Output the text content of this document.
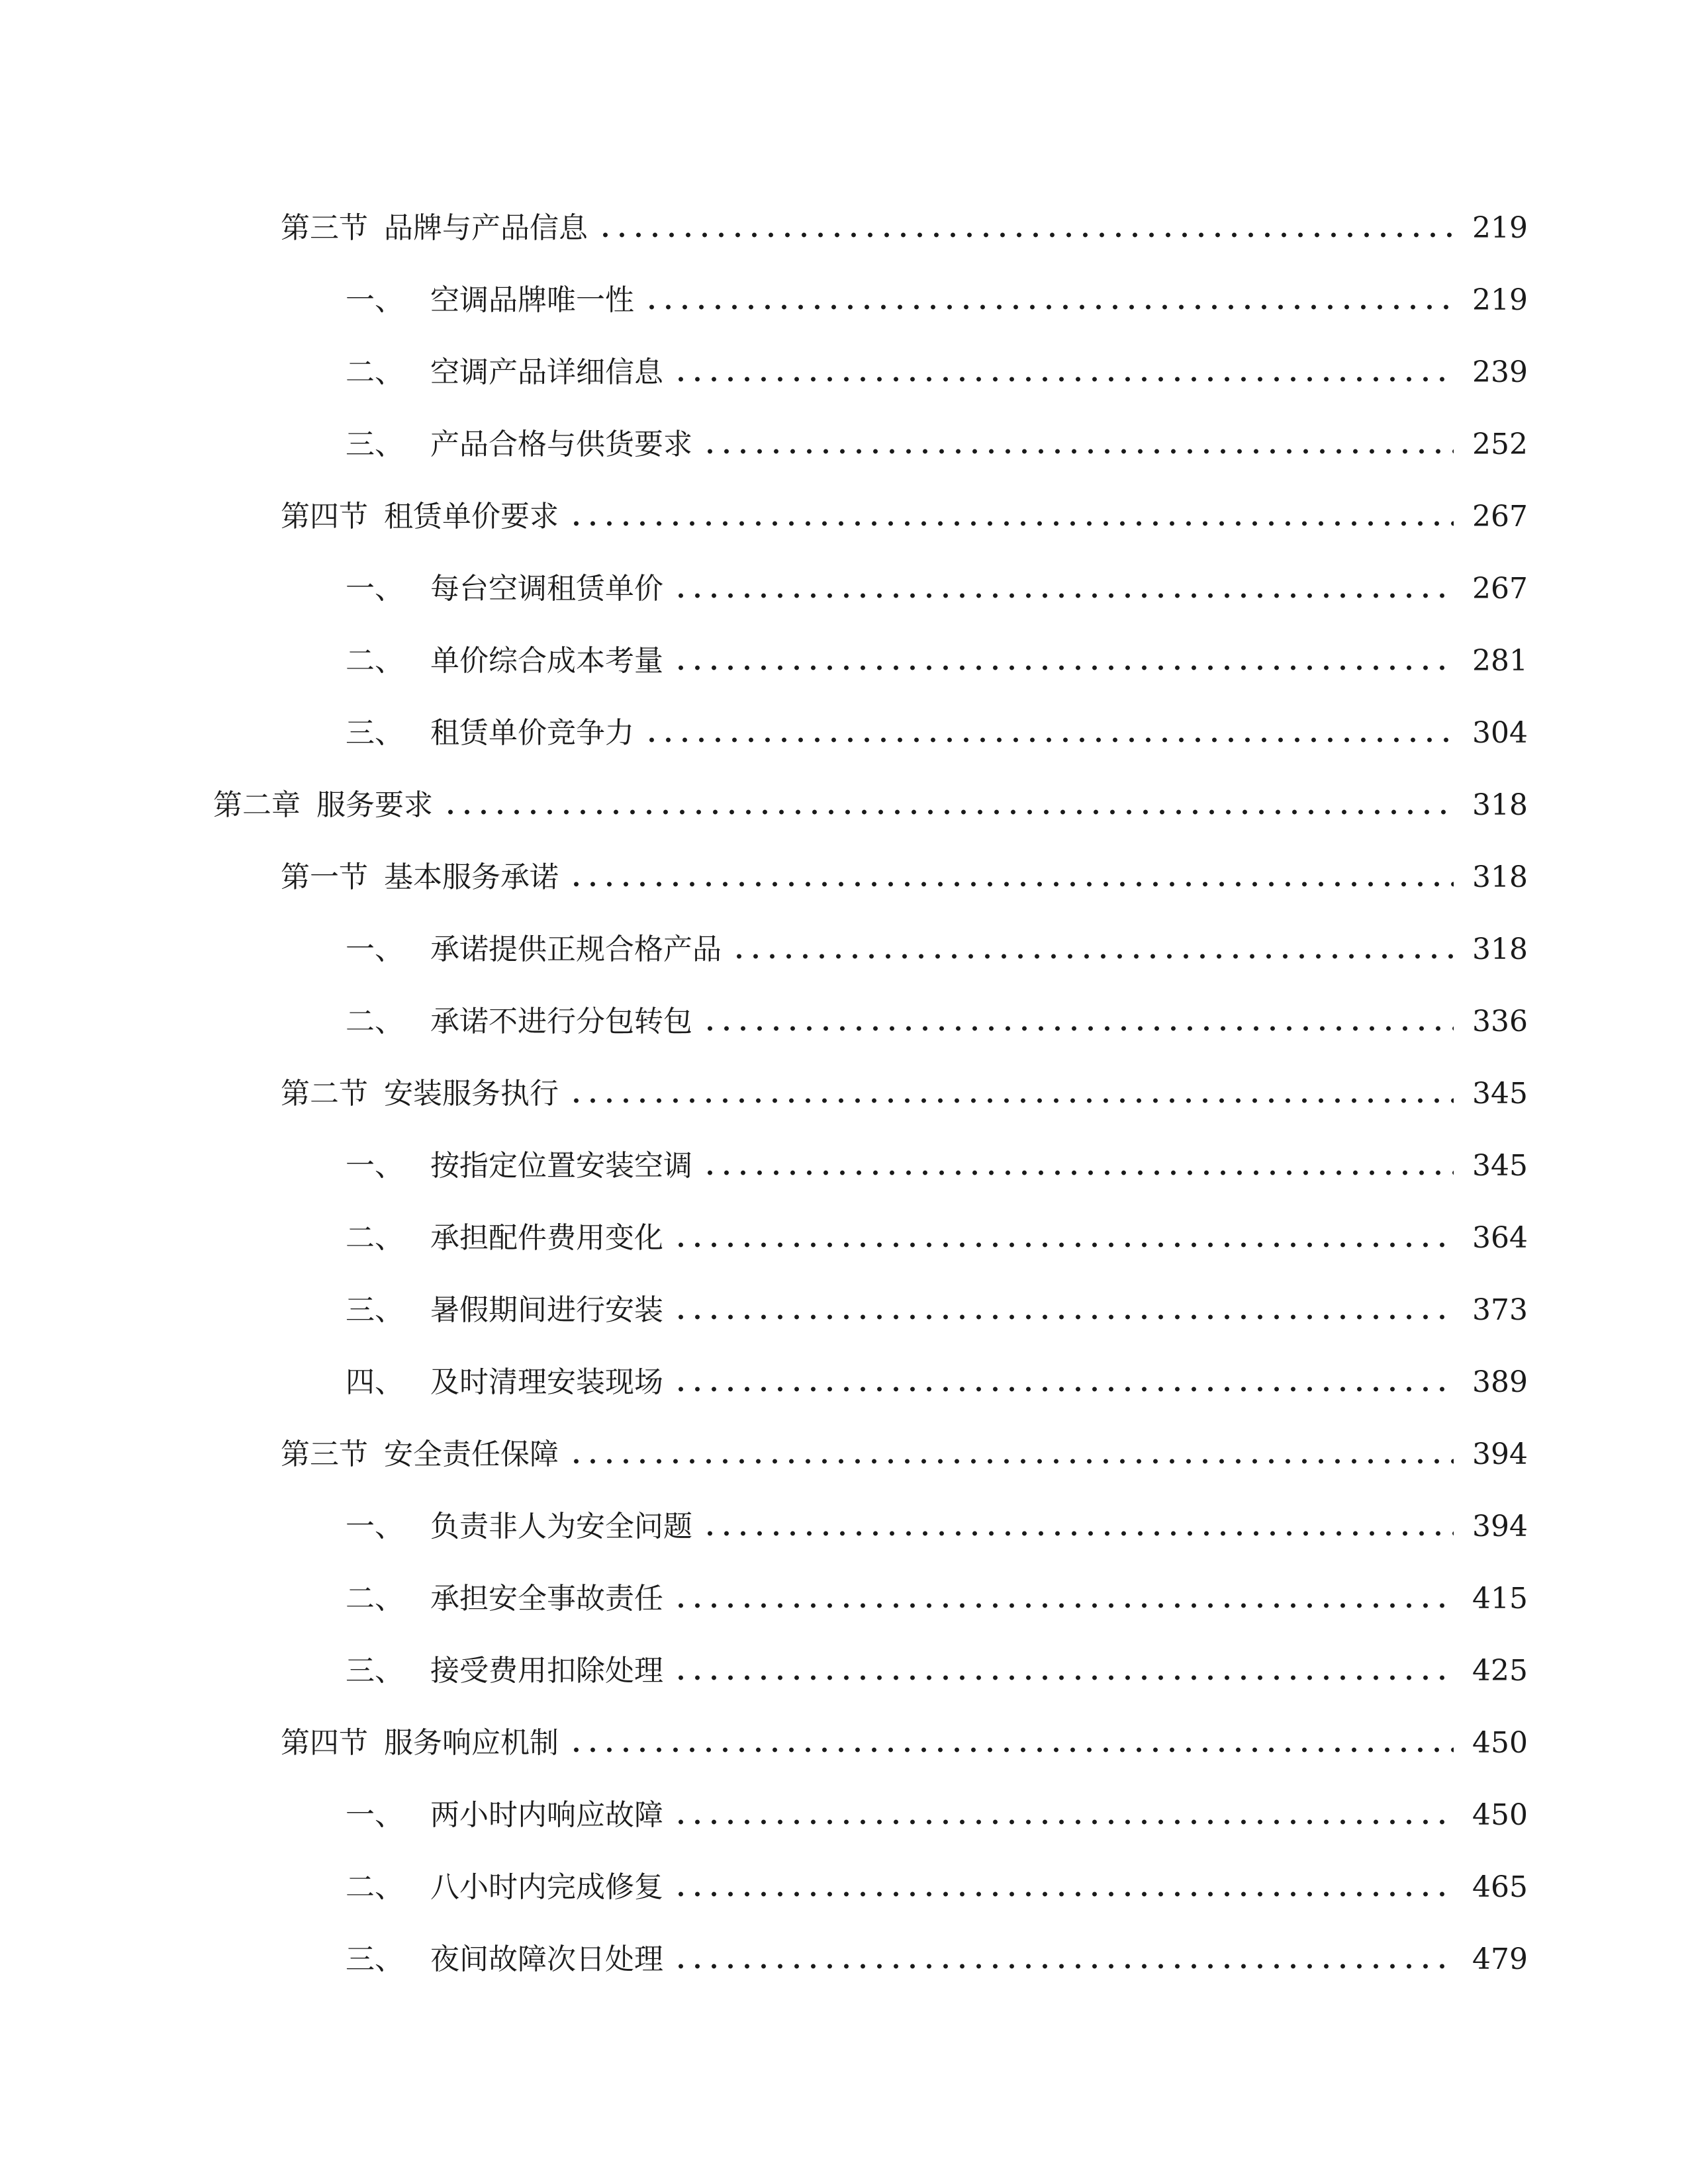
第三节 品牌与产品信息	219
一、 空调品牌唯一性	219
二、 空调产品详细信息	239
三、 产品合格与供货要求	252
第四节 租赁单价要求	267
一、 每台空调租赁单价	267
二、 单价综合成本考量	281
三、 租赁单价竞争力	304
第二章 服务要求	318
第一节 基本服务承诺	318
一、 承诺提供正规合格产品	318
二、 承诺不进行分包转包	336
第二节 安装服务执行	345
一、 按指定位置安装空调	345
二、 承担配件费用变化	364
三、 暑假期间进行安装	373
四、 及时清理安装现场	389
第三节 安全责任保障	394
一、 负责非人为安全问题	394
二、 承担安全事故责任	415
三、 接受费用扣除处理	425
第四节 服务响应机制	450
一、 两小时内响应故障	450
二、 八小时内完成修复	465
三、 夜间故障次日处理	479
